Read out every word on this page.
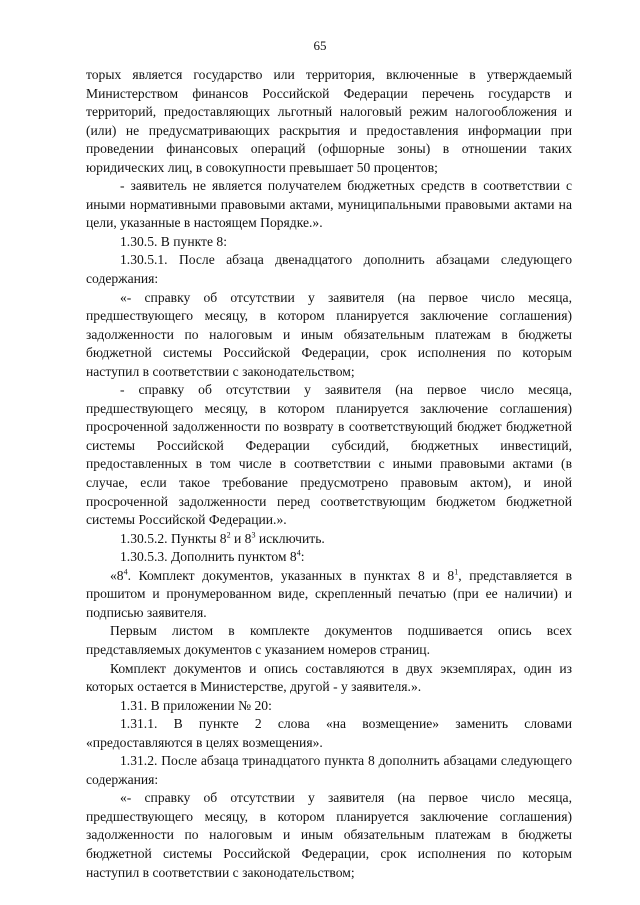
65

торых является государство или территория, включенные в утверждаемый Министерством финансов Российской Федерации перечень государств и территорий, предоставляющих льготный налоговый режим налогообложения и (или) не предусматривающих раскрытия и предоставления информации при проведении финансовых операций (офшорные зоны) в отношении таких юридических лиц, в совокупности превышает 50 процентов;

- заявитель не является получателем бюджетных средств в соответствии с иными нормативными правовыми актами, муниципальными правовыми актами на цели, указанные в настоящем Порядке.».

1.30.5. В пункте 8:

1.30.5.1. После абзаца двенадцатого дополнить абзацами следующего содержания:

«- справку об отсутствии у заявителя (на первое число месяца, предшествующего месяцу, в котором планируется заключение соглашения) задолженности по налоговым и иным обязательным платежам в бюджеты бюджетной системы Российской Федерации, срок исполнения по которым наступил в соответствии с законодательством;

- справку об отсутствии у заявителя (на первое число месяца, предшествующего месяцу, в котором планируется заключение соглашения) просроченной задолженности по возврату в соответствующий бюджет бюджетной системы Российской Федерации субсидий, бюджетных инвестиций, предоставленных в том числе в соответствии с иными правовыми актами (в случае, если такое требование предусмотрено правовым актом), и иной просроченной задолженности перед соответствующим бюджетом бюджетной системы Российской Федерации.».

1.30.5.2. Пункты $8^2$ и $8^3$ исключить.

1.30.5.3. Дополнить пунктом $8^4$:

«$8^4$. Комплект документов, указанных в пунктах 8 и $8^1$, представляется в прошитом и пронумерованном виде, скрепленный печатью (при ее наличии) и подписью заявителя.

Первым листом в комплекте документов подшивается опись всех представляемых документов с указанием номеров страниц.

Комплект документов и опись составляются в двух экземплярах, один из которых остается в Министерстве, другой - у заявителя.».

1.31. В приложении № 20:

1.31.1. В пункте 2 слова «на возмещение» заменить словами «предоставляются в целях возмещения».

1.31.2. После абзаца тринадцатого пункта 8 дополнить абзацами следующего содержания:

«- справку об отсутствии у заявителя (на первое число месяца, предшествующего месяцу, в котором планируется заключение соглашения) задолженности по налоговым и иным обязательным платежам в бюджеты бюджетной системы Российской Федерации, срок исполнения по которым наступил в соответствии с законодательством;
